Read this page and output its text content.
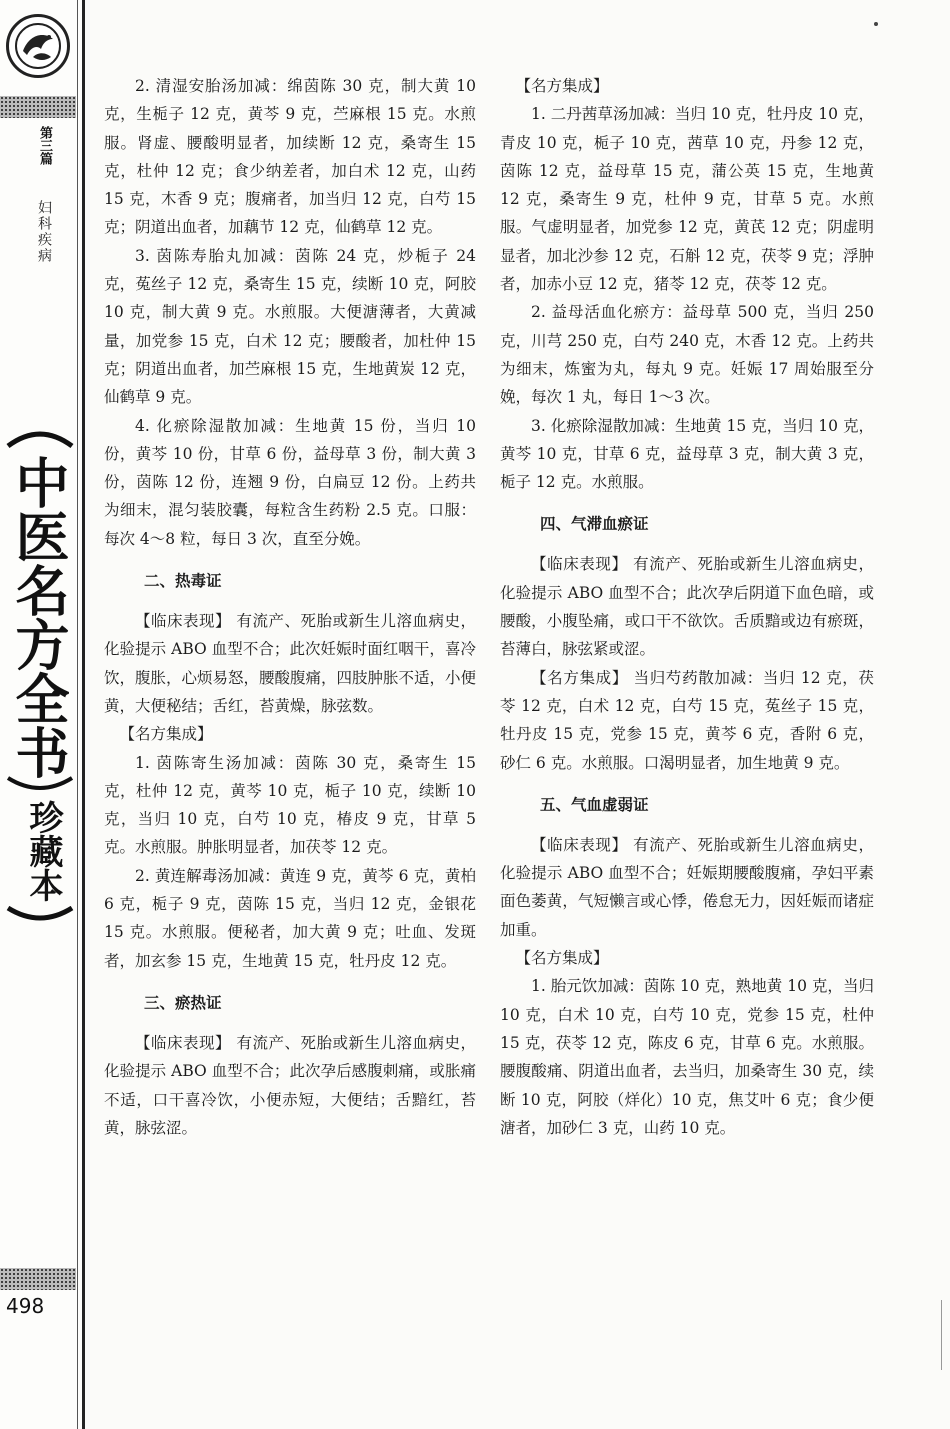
第三篇
妇科疾病
中医名方全书
珍藏本
498

2. 清湿安胎汤加减：绵茵陈 30 克，制大黄 10 克，生栀子 12 克，黄芩 9 克，苎麻根 15 克。水煎服。肾虚、腰酸明显者，加续断 12 克，桑寄生 15 克，杜仲 12 克；食少纳差者，加白术 12 克，山药 15 克，木香 9 克；腹痛者，加当归 12 克，白芍 15 克；阴道出血者，加藕节 12 克，仙鹤草 12 克。

3. 茵陈寿胎丸加减：茵陈 24 克，炒栀子 24 克，菟丝子 12 克，桑寄生 15 克，续断 10 克，阿胶 10 克，制大黄 9 克。水煎服。大便溏薄者，大黄减量，加党参 15 克，白术 12 克；腰酸者，加杜仲 15 克；阴道出血者，加苎麻根 15 克，生地黄炭 12 克，仙鹤草 9 克。

4. 化瘀除湿散加减：生地黄 15 份，当归 10 份，黄芩 10 份，甘草 6 份，益母草 3 份，制大黄 3 份，茵陈 12 份，连翘 9 份，白扁豆 12 份。上药共为细末，混匀装胶囊，每粒含生药粉 2.5 克。口服：每次 4～8 粒，每日 3 次，直至分娩。

二、热毒证

【临床表现】 有流产、死胎或新生儿溶血病史，化验提示 ABO 血型不合；此次妊娠时面红咽干，喜冷饮，腹胀，心烦易怒，腰酸腹痛，四肢肿胀不适，小便黄，大便秘结；舌红，苔黄燥，脉弦数。

【名方集成】

1. 茵陈寄生汤加减：茵陈 30 克，桑寄生 15 克，杜仲 12 克，黄芩 10 克，栀子 10 克，续断 10 克，当归 10 克，白芍 10 克，椿皮 9 克，甘草 5 克。水煎服。肿胀明显者，加茯苓 12 克。

2. 黄连解毒汤加减：黄连 9 克，黄芩 6 克，黄柏 6 克，栀子 9 克，茵陈 15 克，当归 12 克，金银花 15 克。水煎服。便秘者，加大黄 9 克；吐血、发斑者，加玄参 15 克，生地黄 15 克，牡丹皮 12 克。

三、瘀热证

【临床表现】 有流产、死胎或新生儿溶血病史，化验提示 ABO 血型不合；此次孕后感腹刺痛，或胀痛不适，口干喜冷饮，小便赤短，大便结；舌黯红，苔黄，脉弦涩。

【名方集成】

1. 二丹茜草汤加减：当归 10 克，牡丹皮 10 克，青皮 10 克，栀子 10 克，茜草 10 克，丹参 12 克，茵陈 12 克，益母草 15 克，蒲公英 15 克，生地黄 12 克，桑寄生 9 克，杜仲 9 克，甘草 5 克。水煎服。气虚明显者，加党参 12 克，黄芪 12 克；阴虚明显者，加北沙参 12 克，石斛 12 克，茯苓 9 克；浮肿者，加赤小豆 12 克，猪苓 12 克，茯苓 12 克。

2. 益母活血化瘀方：益母草 500 克，当归 250 克，川芎 250 克，白芍 240 克，木香 12 克。上药共为细末，炼蜜为丸，每丸 9 克。妊娠 17 周始服至分娩，每次 1 丸，每日 1～3 次。

3. 化瘀除湿散加减：生地黄 15 克，当归 10 克，黄芩 10 克，甘草 6 克，益母草 3 克，制大黄 3 克，栀子 12 克。水煎服。

四、气滞血瘀证

【临床表现】 有流产、死胎或新生儿溶血病史，化验提示 ABO 血型不合；此次孕后阴道下血色暗，或腰酸，小腹坠痛，或口干不欲饮。舌质黯或边有瘀斑，苔薄白，脉弦紧或涩。

【名方集成】 当归芍药散加减：当归 12 克，茯苓 12 克，白术 12 克，白芍 15 克，菟丝子 15 克，牡丹皮 15 克，党参 15 克，黄芩 6 克，香附 6 克，砂仁 6 克。水煎服。口渴明显者，加生地黄 9 克。

五、气血虚弱证

【临床表现】 有流产、死胎或新生儿溶血病史，化验提示 ABO 血型不合；妊娠期腰酸腹痛，孕妇平素面色萎黄，气短懒言或心悸，倦怠无力，因妊娠而诸症加重。

【名方集成】

1. 胎元饮加减：茵陈 10 克，熟地黄 10 克，当归 10 克，白术 10 克，白芍 10 克，党参 15 克，杜仲 15 克，茯苓 12 克，陈皮 6 克，甘草 6 克。水煎服。腰腹酸痛、阴道出血者，去当归，加桑寄生 30 克，续断 10 克，阿胶（烊化）10 克，焦艾叶 6 克；食少便溏者，加砂仁 3 克，山药 10 克。
